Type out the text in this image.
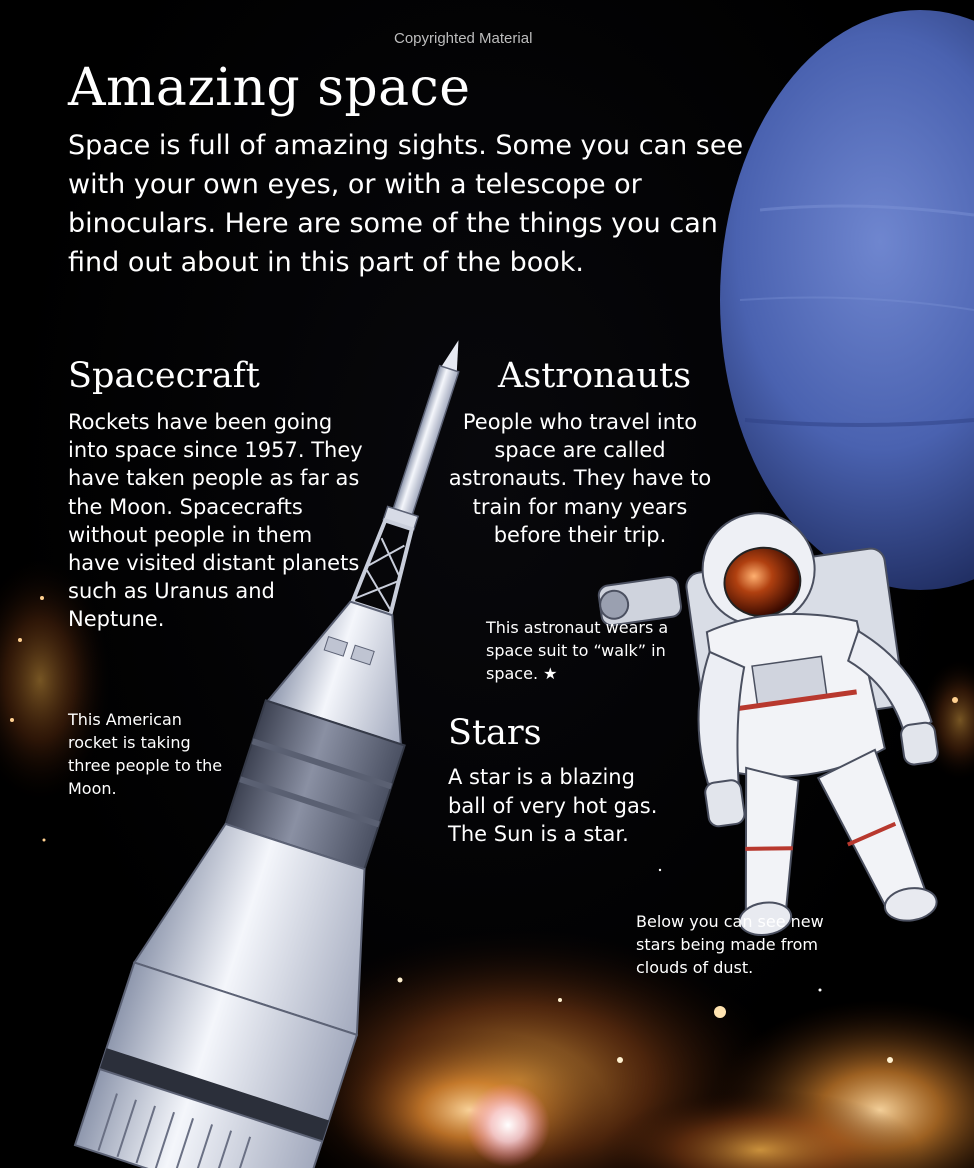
Copyrighted Material
Amazing space

Space is full of amazing sights. Some you can see with your own eyes, or with a telescope or binoculars. Here are some of the things you can find out about in this part of the book.

Spacecraft

Rockets have been going into space since 1957. They have taken people as far as the Moon. Spacecrafts without people in them have visited distant planets such as Uranus and Neptune.

This American rocket is taking three people to the Moon.

Astronauts

People who travel into space are called astronauts. They have to train for many years before their trip.

This astronaut wears a space suit to “walk” in space. ★

Stars

A star is a blazing ball of very hot gas. The Sun is a star.

Below you can see new stars being made from clouds of dust.
